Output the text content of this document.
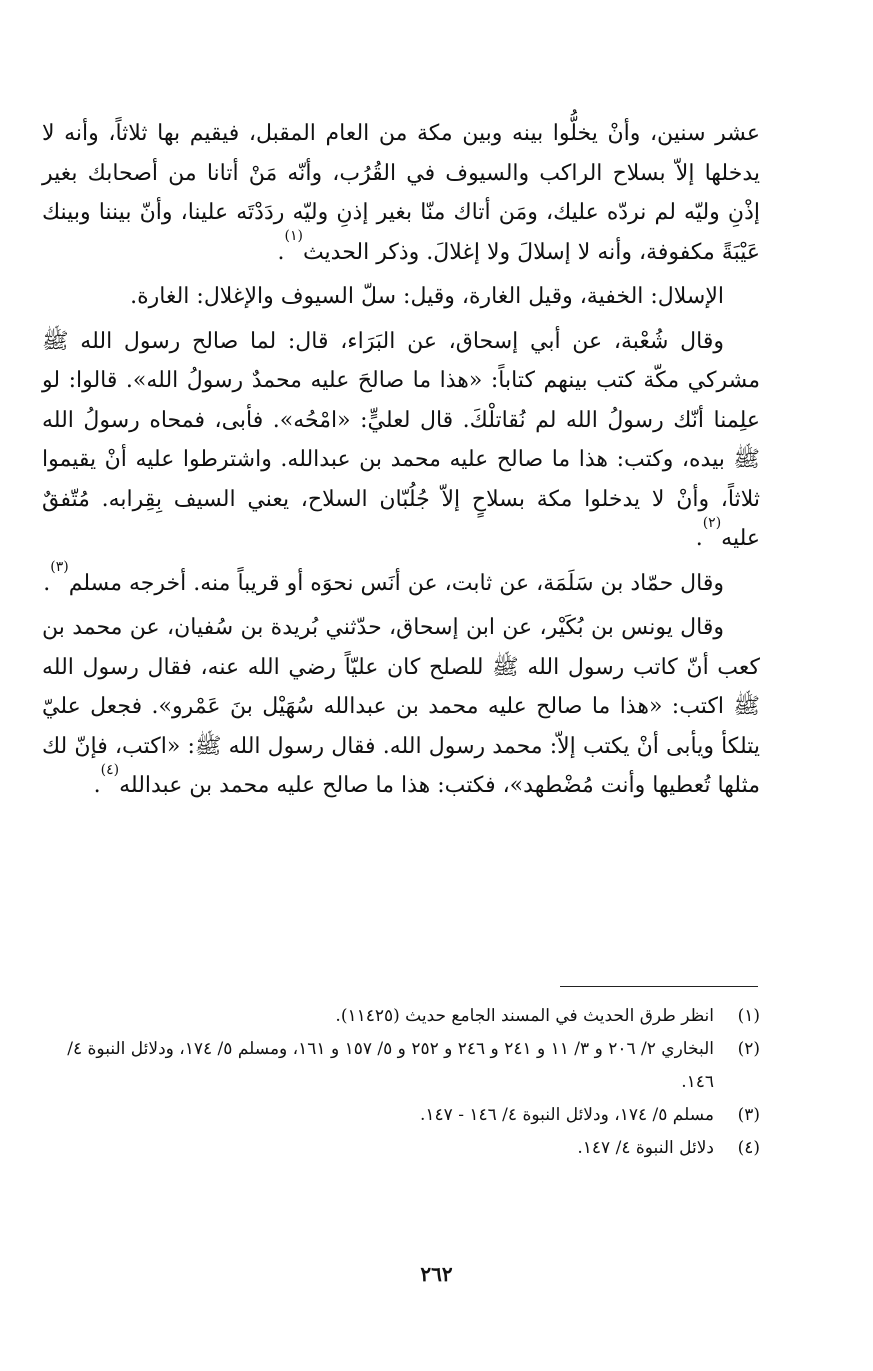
عشر سنين، وأنْ يخلُّوا بينه وبين مكة من العام المقبل، فيقيم بها ثلاثاً، وأنه لا يدخلها إلاّ بسلاح الراكب والسيوف في القُرُب، وأنّه مَنْ أتانا من أصحابك بغير إذْنِ وليّه لم نردّه عليك، ومَن أتاك منّا بغير إذنِ وليّه ردَدْتَه علينا، وأنّ بيننا وبينك عَيْبَةً مكفوفة، وأنه لا إسلالَ ولا إغلالَ. وذكر الحديث$^{(١)}$.

الإسلال: الخفية، وقيل الغارة، وقيل: سلّ السيوف والإغلال: الغارة.

وقال شُعْبة، عن أبي إسحاق، عن البَرَاء، قال: لما صالح رسول الله ﷺ مشركي مكّة كتب بينهم كتاباً: «هذا ما صالحَ عليه محمدٌ رسولُ الله». قالوا: لو علِمنا أنّك رسولُ الله لم نُقاتلْكَ. قال لعليٍّ: «امْحُه». فأبى، فمحاه رسولُ الله ﷺ بيده، وكتب: هذا ما صالح عليه محمد بن عبدالله. واشترطوا عليه أنْ يقيموا ثلاثاً، وأنْ لا يدخلوا مكة بسلاحٍ إلاّ جُلُبّان السلاح، يعني السيف بِقِرابه. مُتّفقٌ عليه$^{(٢)}$.

وقال حمّاد بن سَلَمَة، عن ثابت، عن أنَس نحوَه أو قريباً منه. أخرجه مسلم$^{(٣)}$.

وقال يونس بن بُكَيْر، عن ابن إسحاق، حدّثني بُريدة بن سُفيان، عن محمد بن كعب أنّ كاتب رسول الله ﷺ للصلح كان عليّاً رضي الله عنه، فقال رسول الله ﷺ اكتب: «هذا ما صالح عليه محمد بن عبدالله سُهَيْل بنَ عَمْرو». فجعل عليّ يتلكأ ويأبى أنْ يكتب إلاّ: محمد رسول الله. فقال رسول الله ﷺ: «اكتب، فإنّ لك مثلها تُعطيها وأنت مُضْطهد»، فكتب: هذا ما صالح عليه محمد بن عبدالله$^{(٤)}$.

(١)
انظر طرق الحديث في المسند الجامع حديث (١١٤٢٥).
(٢)
البخاري ٢/ ٢٠٦ و ٣/ ١١ و ٢٤١ و ٢٤٦ و ٢٥٢ و ٥/ ١٥٧ و ١٦١، ومسلم ٥/ ١٧٤، ودلائل النبوة ٤/ ١٤٦.
(٣)
مسلم ٥/ ١٧٤، ودلائل النبوة ٤/ ١٤٦ - ١٤٧.
(٤)
دلائل النبوة ٤/ ١٤٧.
٢٦٢
